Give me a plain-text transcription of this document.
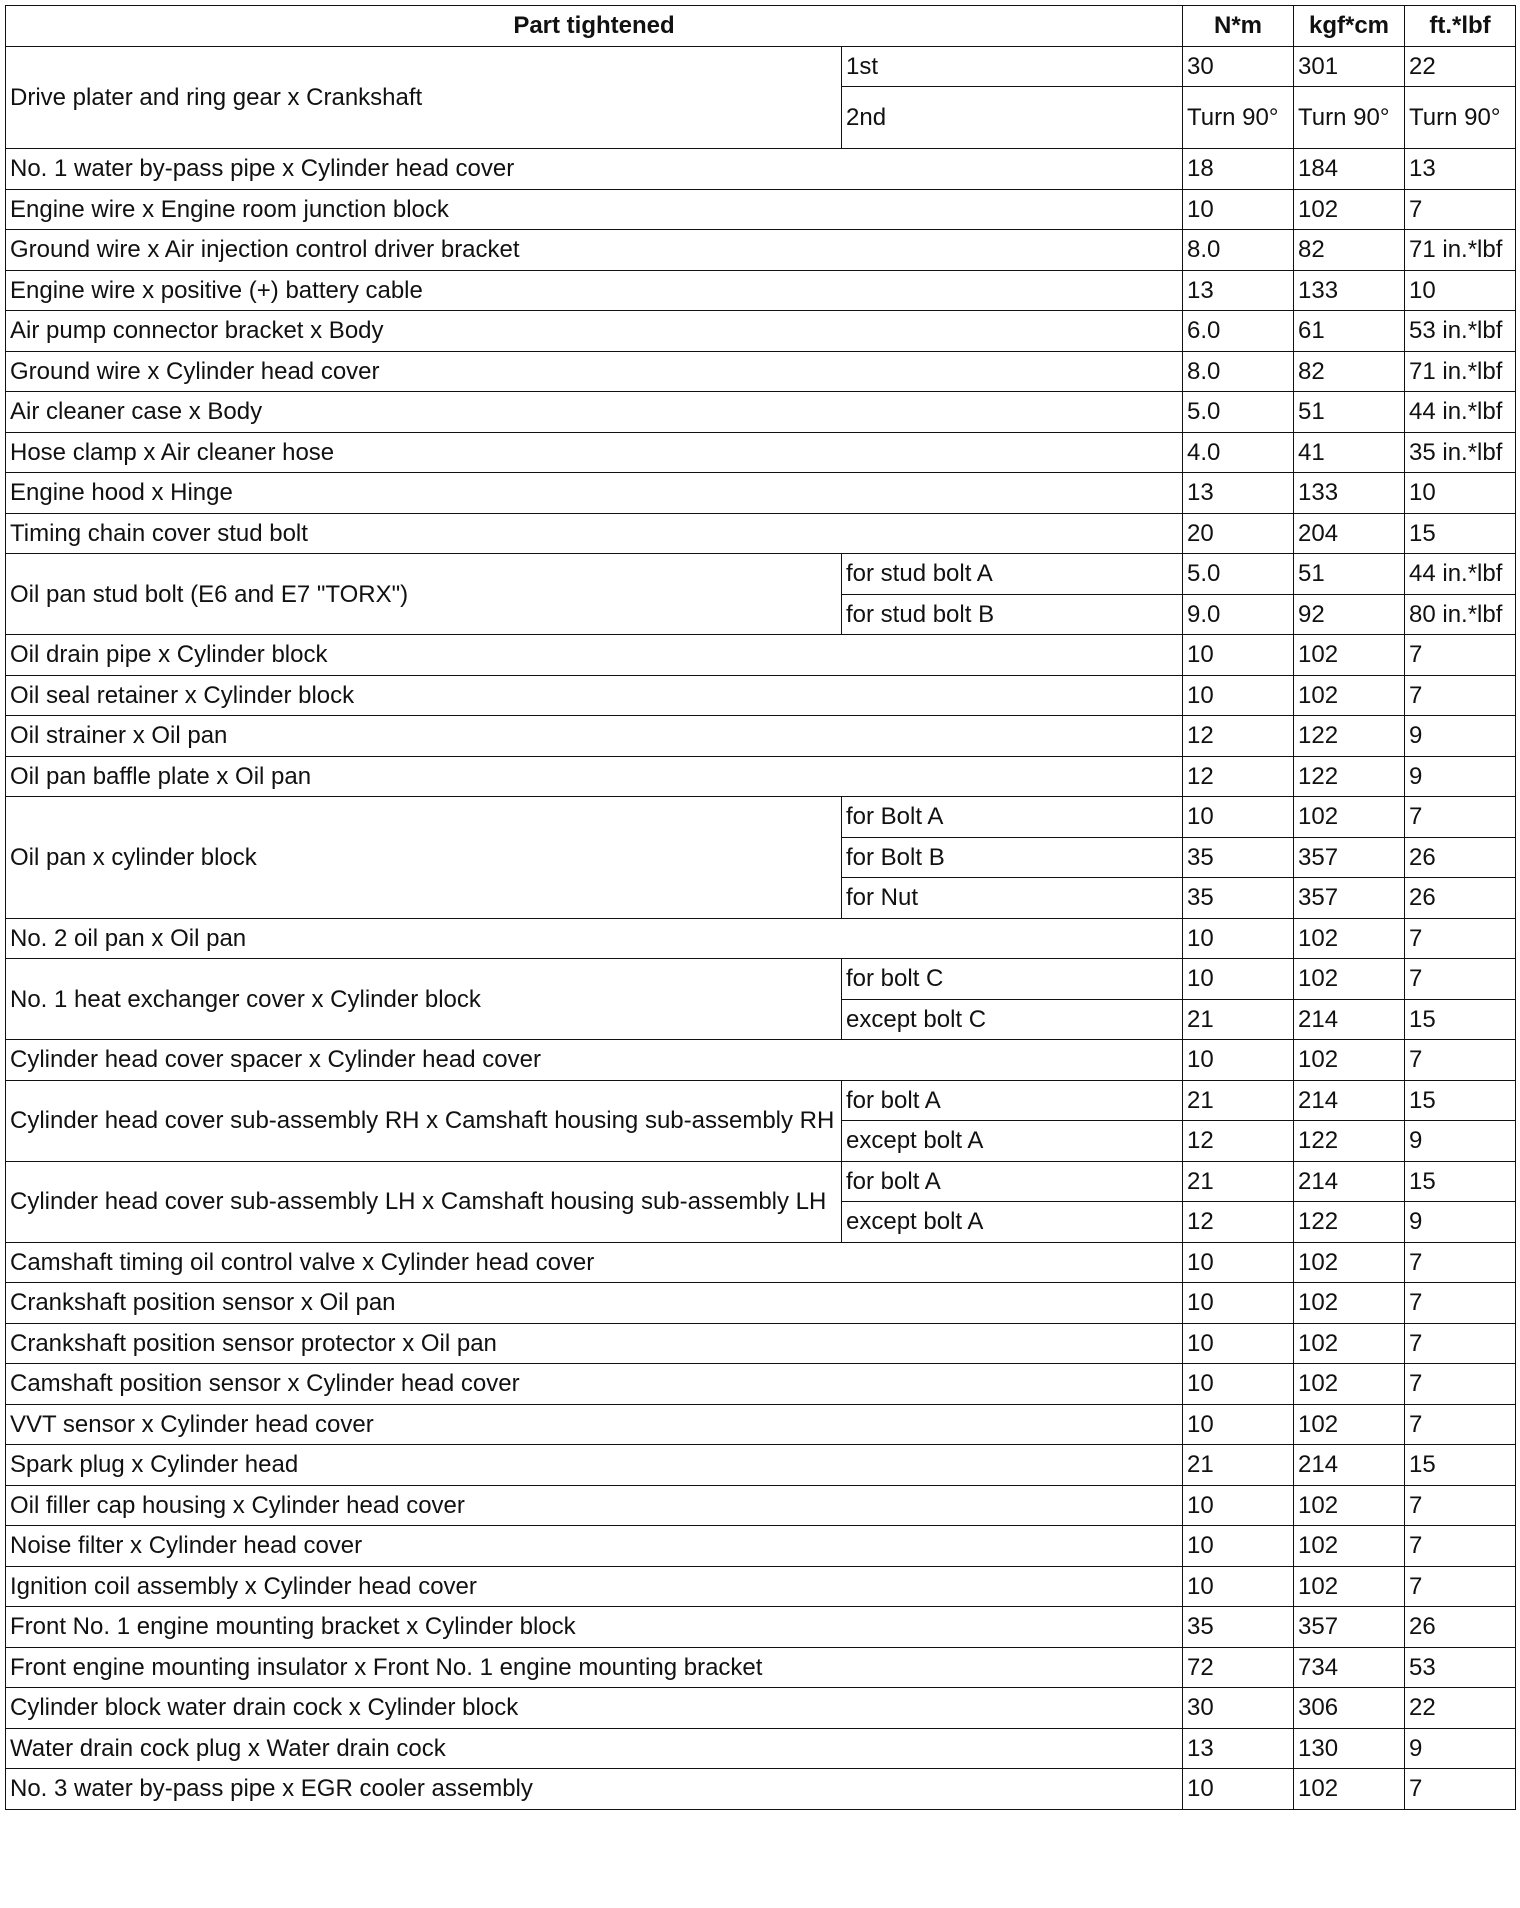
Part tightened		N*m	kgf*cm	ft.*lbf
Drive plater and ring gear x Crankshaft	1st	30	301	22
	2nd	Turn 90°	Turn 90°	Turn 90°
No. 1 water by-pass pipe x Cylinder head cover		18	184	13
Engine wire x Engine room junction block		10	102	7
Ground wire x Air injection control driver bracket		8.0	82	71 in.*lbf
Engine wire x positive (+) battery cable		13	133	10
Air pump connector bracket x Body		6.0	61	53 in.*lbf
Ground wire x Cylinder head cover		8.0	82	71 in.*lbf
Air cleaner case x Body		5.0	51	44 in.*lbf
Hose clamp x Air cleaner hose		4.0	41	35 in.*lbf
Engine hood x Hinge		13	133	10
Timing chain cover stud bolt		20	204	15
Oil pan stud bolt (E6 and E7 "TORX")	for stud bolt A	5.0	51	44 in.*lbf
	for stud bolt B	9.0	92	80 in.*lbf
Oil drain pipe x Cylinder block		10	102	7
Oil seal retainer x Cylinder block		10	102	7
Oil strainer x Oil pan		12	122	9
Oil pan baffle plate x Oil pan		12	122	9
Oil pan x cylinder block	for Bolt A	10	102	7
	for Bolt B	35	357	26
	for Nut	35	357	26
No. 2 oil pan x Oil pan		10	102	7
No. 1 heat exchanger cover x Cylinder block	for bolt C	10	102	7
	except bolt C	21	214	15
Cylinder head cover spacer x Cylinder head cover		10	102	7
Cylinder head cover sub-assembly RH x Camshaft housing sub-assembly RH	for bolt A	21	214	15
	except bolt A	12	122	9
Cylinder head cover sub-assembly LH x Camshaft housing sub-assembly LH	for bolt A	21	214	15
	except bolt A	12	122	9
Camshaft timing oil control valve x Cylinder head cover		10	102	7
Crankshaft position sensor x Oil pan		10	102	7
Crankshaft position sensor protector x Oil pan		10	102	7
Camshaft position sensor x Cylinder head cover		10	102	7
VVT sensor x Cylinder head cover		10	102	7
Spark plug x Cylinder head		21	214	15
Oil filler cap housing x Cylinder head cover		10	102	7
Noise filter x Cylinder head cover		10	102	7
Ignition coil assembly x Cylinder head cover		10	102	7
Front No. 1 engine mounting bracket x Cylinder block		35	357	26
Front engine mounting insulator x Front No. 1 engine mounting bracket		72	734	53
Cylinder block water drain cock x Cylinder block		30	306	22
Water drain cock plug x Water drain cock		13	130	9
No. 3 water by-pass pipe x EGR cooler assembly		10	102	7
